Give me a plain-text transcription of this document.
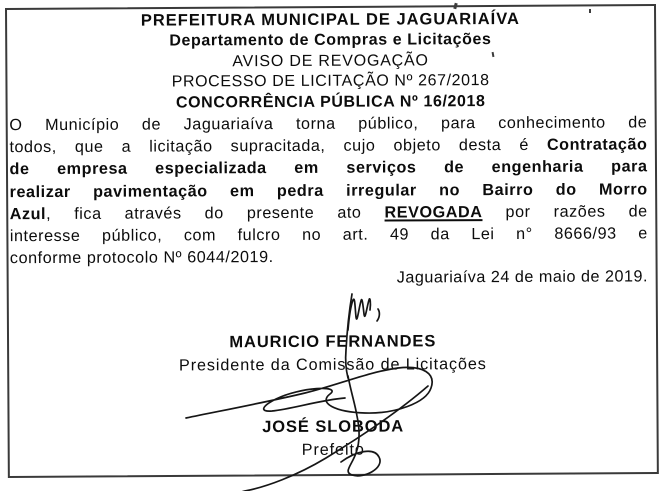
PREFEITURA MUNICIPAL DE JAGUARIAÍVA
Departamento de Compras e Licitações
AVISO DE REVOGAÇÃO
PROCESSO DE LICITAÇÃO Nº 267/2018
CONCORRÊNCIA PÚBLICA Nº 16/2018
O Município de Jaguariaíva torna público, para conhecimento de
todos, que a licitação supracitada, cujo objeto desta é Contratação
de empresa especializada em serviços de engenharia para
realizar pavimentação em pedra irregular no Bairro do Morro
Azul, fica através do presente ato REVOGADA por razões de
interesse público, com fulcro no art. 49 da Lei n° 8666/93 e
conforme protocolo Nº 6044/2019.
Jaguariaíva 24 de maio de 2019.
MAURICIO FERNANDES
Presidente da Comissão de Licitações
JOSÉ SLOBODA
Prefeito
